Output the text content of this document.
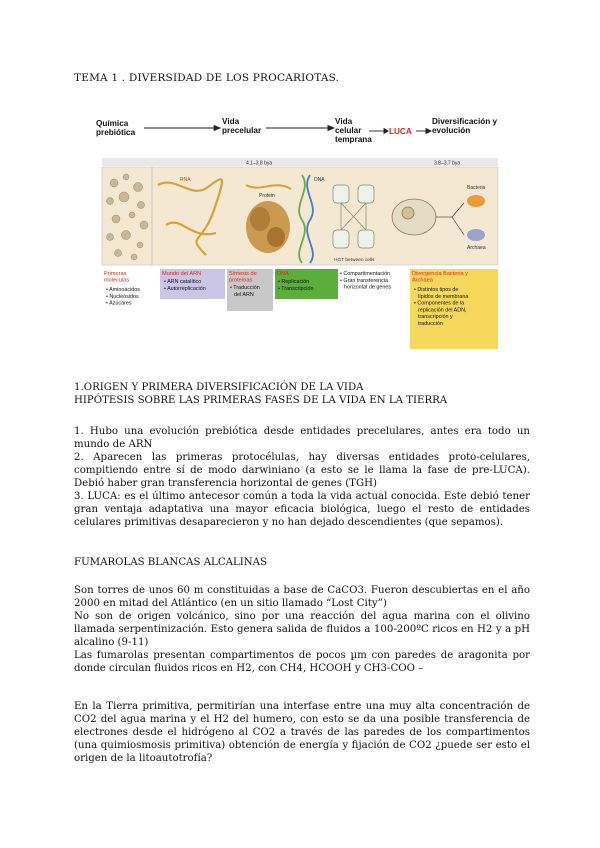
TEMA 1 . DIVERSIDAD DE LOS PROCARIOTAS.
Química prebiótica
Vida precelular
Vida celular temprana
LUCA
Diversificación y evolución
4.1–3.8 bya	3.8–3.7 bya
RNA
Protein
DNA
HGT between cells
Bacteria
Archaea
Primeras moléculas
• Aminoácidos • Nucleósidos • Azúcares
Mundo del ARN
• ARN catalítico • Autorreplicación
Síntesis de proteínas
• Traducción del ARN
DNA
• Replicación • Transcripción
• Compartimentación • Gran transferencia horizontal de genes
Divergencia Bacteria y Archaea
• Distintos tipos de lípidos de membrana • Componentes de la replicación del ADN, transcripción y traducción
1.ORIGEN Y PRIMERA DIVERSIFICACIÓN DE LA VIDA
HIPÓTESIS SOBRE LAS PRIMERAS FASES DE LA VIDA EN LA TIERRA

1. Hubo una evolución prebiótica desde entidades precelulares, antes era todo un mundo de ARN

2. Aparecen las primeras protocélulas, hay diversas entidades proto-celulares, compitiendo entre sí de modo darwiniano (a esto se le llama la fase de pre-LUCA). Debió haber gran transferencia horizontal de genes (TGH)

3. LUCA: es el último antecesor común a toda la vida actual conocida. Este debió tener gran ventaja adaptativa una mayor eficacia biológica, luego el resto de entidades celulares primitivas desaparecieron y no han dejado descendientes (que sepamos).

FUMAROLAS BLANCAS ALCALINAS

Son torres de unos 60 m constituidas a base de CaCO3. Fueron descubiertas en el año 2000 en mitad del Atlántico (en un sitio llamado “Lost City”)

No son de origen volcánico, sino por una reacción del agua marina con el olivino llamada serpentinización. Esto genera salida de fluidos a 100-200ºC ricos en H2 y a pH alcalino (9-11)

Las fumarolas presentan compartimentos de pocos µm con paredes de aragonita por donde circulan fluidos ricos en H2, con CH4, HCOOH y CH3-COO –

En la Tierra primitiva, permitirían una interfase entre una muy alta concentración de CO2 del agua marina y el H2 del humero, con esto se da una posible transferencia de electrones desde el hidrógeno al CO2 a través de las paredes de los compartimentos (una quimiosmosis primitiva) obtención de energía y fijación de CO2 ¿puede ser esto el origen de la litoautotrofía?
